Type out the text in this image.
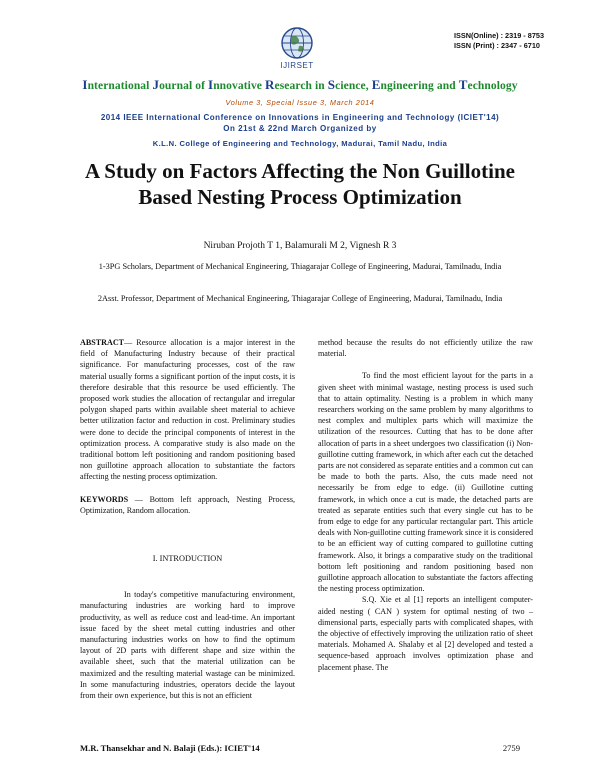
ISSN(Online) : 2319 - 8753
ISSN (Print) : 2347 - 6710
IJIRSET
International Journal of Innovative Research in Science, Engineering and Technology
Volume 3, Special Issue 3, March 2014
2014 IEEE International Conference on Innovations in Engineering and Technology (ICIET'14)
On 21st & 22nd March Organized by
K.L.N. College of Engineering and Technology, Madurai, Tamil Nadu, India
A Study on Factors Affecting the Non Guillotine Based Nesting Process Optimization
Niruban Projoth T 1, Balamurali M 2, Vignesh R 3
1-3PG Scholars, Department of Mechanical Engineering, Thiagarajar College of Engineering, Madurai, Tamilnadu, India
2Asst. Professor, Department of Mechanical Engineering, Thiagarajar College of Engineering, Madurai, Tamilnadu, India

ABSTRACT— Resource allocation is a major interest in the field of Manufacturing Industry because of their practical significance. For manufacturing processes, cost of the raw material usually forms a significant portion of the input costs, it is therefore desirable that this resource be used efficiently. The proposed work studies the allocation of rectangular and irregular polygon shaped parts within available sheet material to achieve better utilization factor and reduction in cost. Preliminary studies were done to decide the principal components of interest in the optimization process. A comparative study is also made on the traditional bottom left positioning and random positioning based non guillotine approach allocation to substantiate the factors affecting the nesting process optimization.

KEYWORDS — Bottom left approach, Nesting Process, Optimization, Random allocation.

I. INTRODUCTION

In today's competitive manufacturing environment, manufacturing industries are working hard to improve productivity, as well as reduce cost and lead-time. An important issue faced by the sheet metal cutting industries and other manufacturing industries works on how to find the optimum layout of 2D parts with different shape and size within the available sheet, such that the material utilization can be maximized and the resulting material wastage can be minimized. In some manufacturing industries, operators decide the layout from their own experience, but this is not an efficient

method because the results do not efficiently utilize the raw material.

To find the most efficient layout for the parts in a given sheet with minimal wastage, nesting process is used such that to attain optimality. Nesting is a problem in which many researchers working on the same problem by many algorithms to nest complex and multiplex parts which will maximize the utilization of the resources. Cutting that has to be done after allocation of parts in a sheet undergoes two classification (i) Non-guillotine cutting framework, in which after each cut the detached parts are not considered as separate entities and a common cut can be made to both the parts. Also, the cuts made need not necessarily be from edge to edge. (ii) Guillotine cutting framework, in which once a cut is made, the detached parts are treated as separate entities such that every single cut has to be from edge to edge for any particular rectangular part. This article deals with Non-guillotine cutting framework since it is considered to be an efficient way of cutting compared to guillotine cutting framework. Also, it brings a comparative study on the traditional bottom left positioning and random positioning based non guillotine approach allocation to substantiate the factors affecting the nesting process optimization.

S.Q. Xie et al [1] reports an intelligent computer-aided nesting ( CAN ) system for optimal nesting of two – dimensional parts, especially parts with complicated shapes, with the objective of effectively improving the utilization ratio of sheet materials. Mohamed A. Shalaby et al [2] developed and tested a sequence-based approach involves optimization phase and placement phase. The

M.R. Thansekhar and N. Balaji (Eds.): ICIET'14	2759
